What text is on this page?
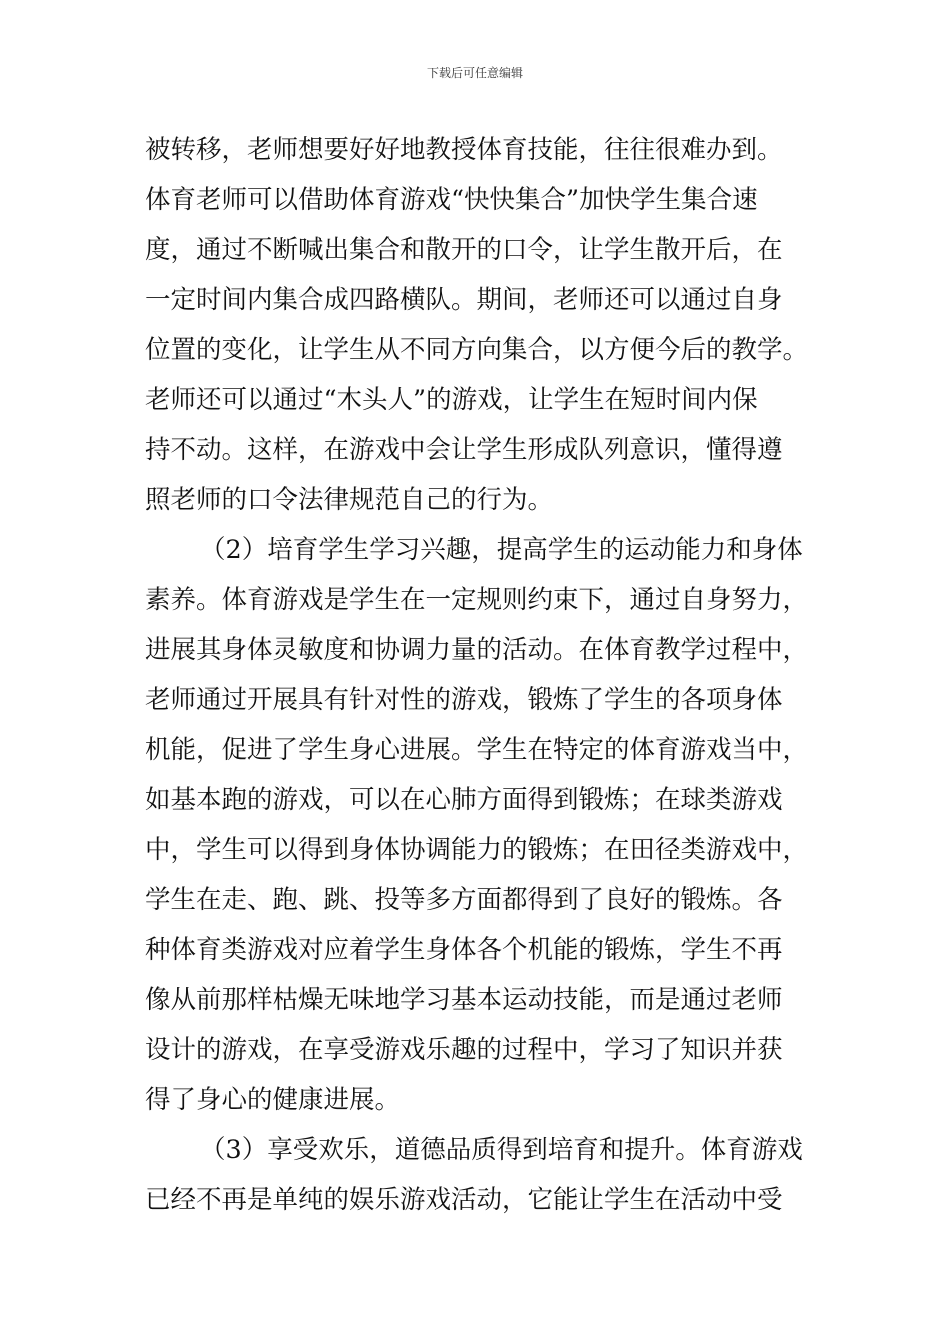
下载后可任意编辑
被转移，老师想要好好地教授体育技能，往往很难办到。
体育老师可以借助体育游戏“快快集合”加快学生集合速
度，通过不断喊出集合和散开的口令，让学生散开后，在
一定时间内集合成四路横队。期间，老师还可以通过自身
位置的变化，让学生从不同方向集合，以方便今后的教学。
老师还可以通过“木头人”的游戏，让学生在短时间内保
持不动。这样，在游戏中会让学生形成队列意识，懂得遵
照老师的口令法律规范自己的行为。
（2）培育学生学习兴趣，提高学生的运动能力和身体
素养。体育游戏是学生在一定规则约束下，通过自身努力，
进展其身体灵敏度和协调力量的活动。在体育教学过程中，
老师通过开展具有针对性的游戏，锻炼了学生的各项身体
机能，促进了学生身心进展。学生在特定的体育游戏当中，
如基本跑的游戏，可以在心肺方面得到锻炼；在球类游戏
中，学生可以得到身体协调能力的锻炼；在田径类游戏中，
学生在走、跑、跳、投等多方面都得到了良好的锻炼。各
种体育类游戏对应着学生身体各个机能的锻炼，学生不再
像从前那样枯燥无味地学习基本运动技能，而是通过老师
设计的游戏，在享受游戏乐趣的过程中，学习了知识并获
得了身心的健康进展。
（3）享受欢乐，道德品质得到培育和提升。体育游戏
已经不再是单纯的娱乐游戏活动，它能让学生在活动中受
